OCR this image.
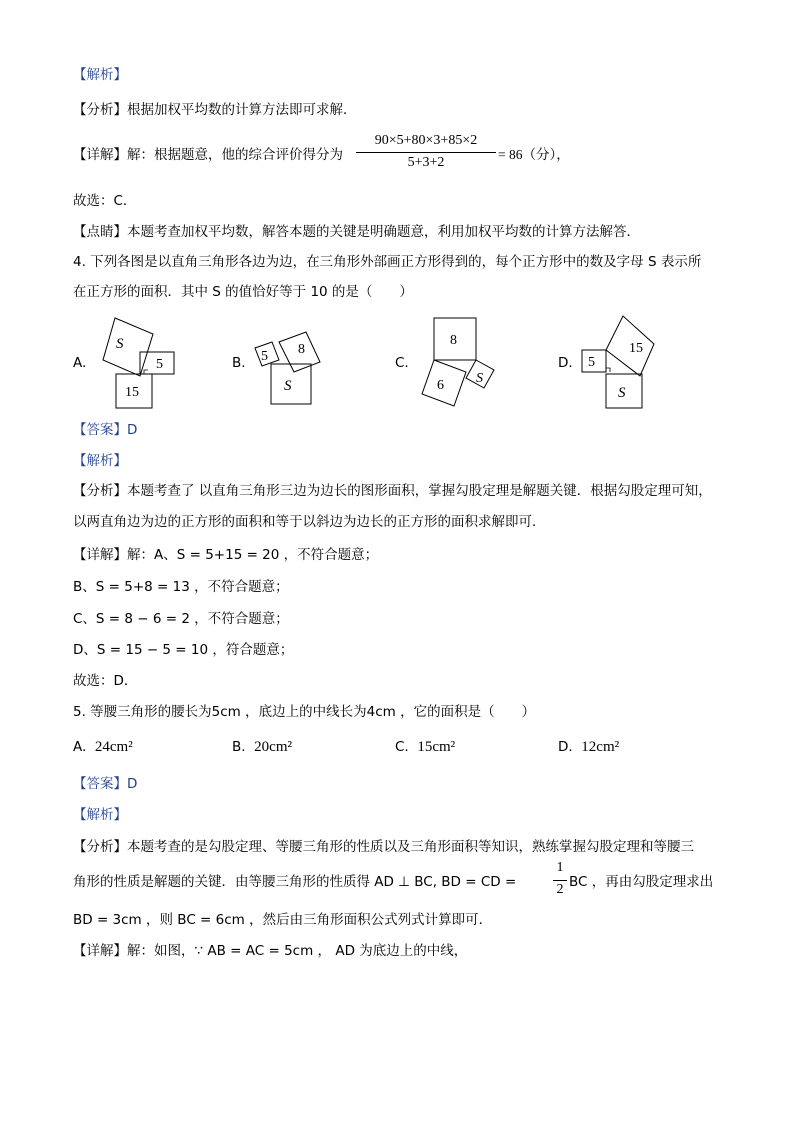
【解析】
【分析】根据加权平均数的计算方法即可求解．
【详解】解：根据题意，他的综合评价得分为
90×5+80×3+85×2
5+3+2
= 86（分），
故选：C．
【点睛】本题考查加权平均数，解答本题的关键是明确题意，利用加权平均数的计算方法解答．
4. 下列各图是以直角三角形各边为边，在三角形外部画正方形得到的，每个正方形中的数及字母 S 表示所
在正方形的面积．其中 S 的值恰好等于 10 的是（　　）
A.
S
5
15
B. 5 8
S
C.
8
6 S
D. 5
15
S
【答案】D
【解析】
【分析】本题考查了 以直角三角形三边为边长的图形面积，掌握勾股定理是解题关键．根据勾股定理可知，
以两直角边为边的正方形的面积和等于以斜边为边长的正方形的面积求解即可．
【详解】解：A、S = 5+15 = 20 ，不符合题意；
B、S = 5+8 = 13 ，不符合题意；
C、S = 8 − 6 = 2 ，不符合题意；
D、S = 15 − 5 = 10 ，符合题意；
故选：D．
5. 等腰三角形的腰长为5cm ，底边上的中线长为4cm ，它的面积是（　　）
A. 24cm²	B. 20cm²	C. 15cm²	D. 12cm²
【答案】D
【解析】
【分析】本题考查的是勾股定理、等腰三角形的性质以及三角形面积等知识，熟练掌握勾股定理和等腰三
角形的性质是解题的关键．由等腰三角形的性质得 AD ⊥ BC, BD = CD =
1
2 BC ，再由勾股定理求出
BD = 3cm ，则 BC = 6cm ，然后由三角形面积公式列式计算即可．
【详解】解：如图，∵ AB = AC = 5cm ， AD 为底边上的中线，
